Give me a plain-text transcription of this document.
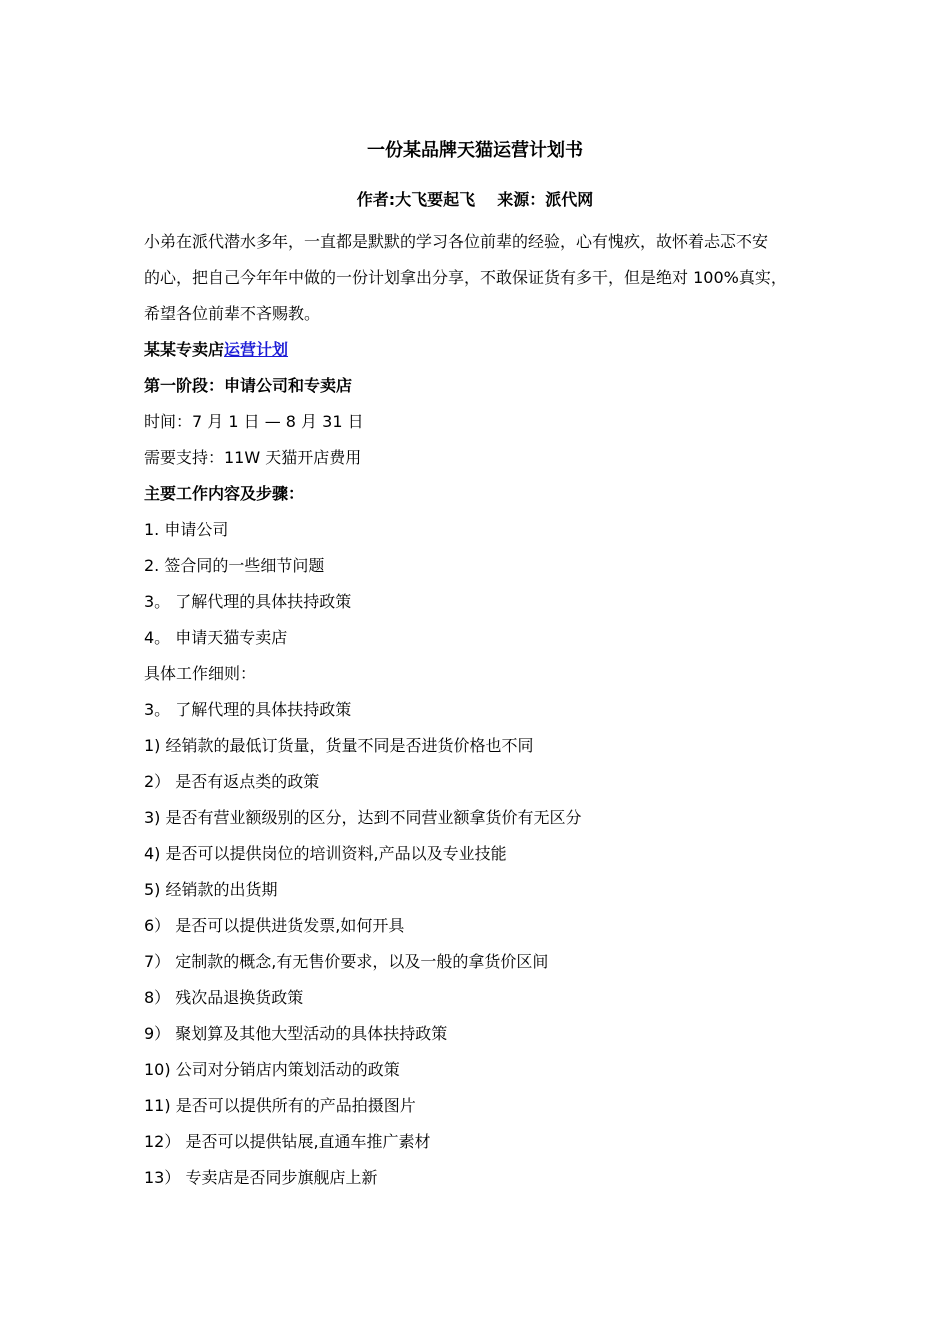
一份某品牌天猫运营计划书
作者:大飞要起飞 来源：派代网
小弟在派代潜水多年，一直都是默默的学习各位前辈的经验，心有愧疚，故怀着忐忑不安
的心，把自己今年年中做的一份计划拿出分享，不敢保证货有多干，但是绝对 100%真实，
希望各位前辈不吝赐教。
某某专卖店运营计划
第一阶段：申请公司和专卖店
时间：7 月 1 日 — 8 月 31 日
需要支持：11W 天猫开店费用
主要工作内容及步骤：
1. 申请公司
2. 签合同的一些细节问题
3。 了解代理的具体扶持政策
4。 申请天猫专卖店
具体工作细则：
3。 了解代理的具体扶持政策
1) 经销款的最低订货量，货量不同是否进货价格也不同
2） 是否有返点类的政策
3) 是否有营业额级别的区分，达到不同营业额拿货价有无区分
4) 是否可以提供岗位的培训资料,产品以及专业技能
5) 经销款的出货期
6） 是否可以提供进货发票,如何开具
7） 定制款的概念,有无售价要求，以及一般的拿货价区间
8） 残次品退换货政策
9） 聚划算及其他大型活动的具体扶持政策
10) 公司对分销店内策划活动的政策
11) 是否可以提供所有的产品拍摄图片
12） 是否可以提供钻展,直通车推广素材
13） 专卖店是否同步旗舰店上新
